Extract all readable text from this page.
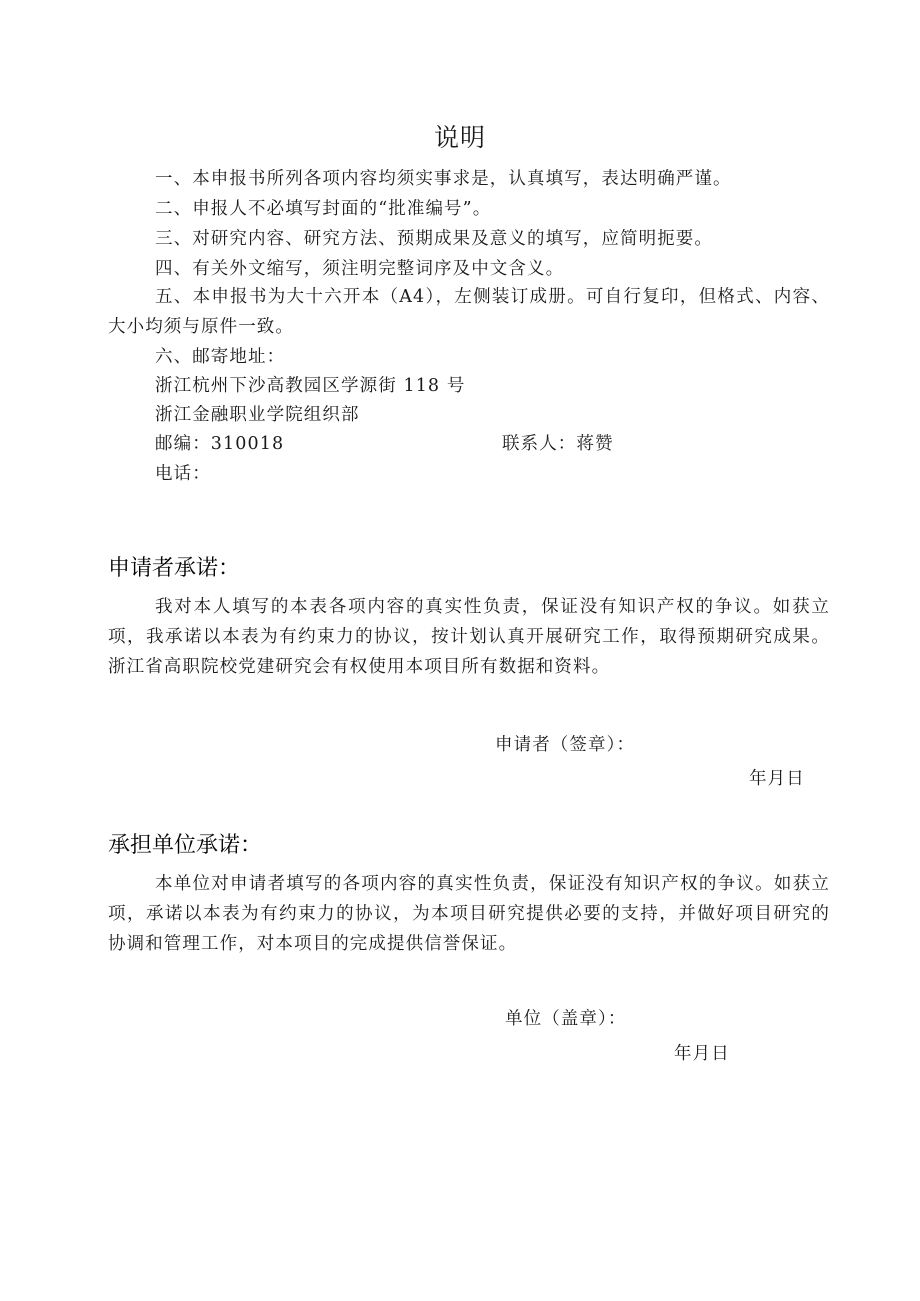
说明
一、本申报书所列各项内容均须实事求是，认真填写，表达明确严谨。
二、申报人不必填写封面的“批准编号”。
三、对研究内容、研究方法、预期成果及意义的填写，应简明扼要。
四、有关外文缩写，须注明完整词序及中文含义。
五、本申报书为大十六开本（A4），左侧装订成册。可自行复印，但格式、内容、大小均须与原件一致。
六、邮寄地址：
浙江杭州下沙高教园区学源街 118 号
浙江金融职业学院组织部
邮编：310018	联系人：蒋赞
电话：
申请者承诺：
我对本人填写的本表各项内容的真实性负责，保证没有知识产权的争议。如获立项，我承诺以本表为有约束力的协议，按计划认真开展研究工作，取得预期研究成果。浙江省高职院校党建研究会有权使用本项目所有数据和资料。
申请者（签章）：
年月日
承担单位承诺：
本单位对申请者填写的各项内容的真实性负责，保证没有知识产权的争议。如获立项，承诺以本表为有约束力的协议，为本项目研究提供必要的支持，并做好项目研究的协调和管理工作，对本项目的完成提供信誉保证。
单位（盖章）：
年月日
